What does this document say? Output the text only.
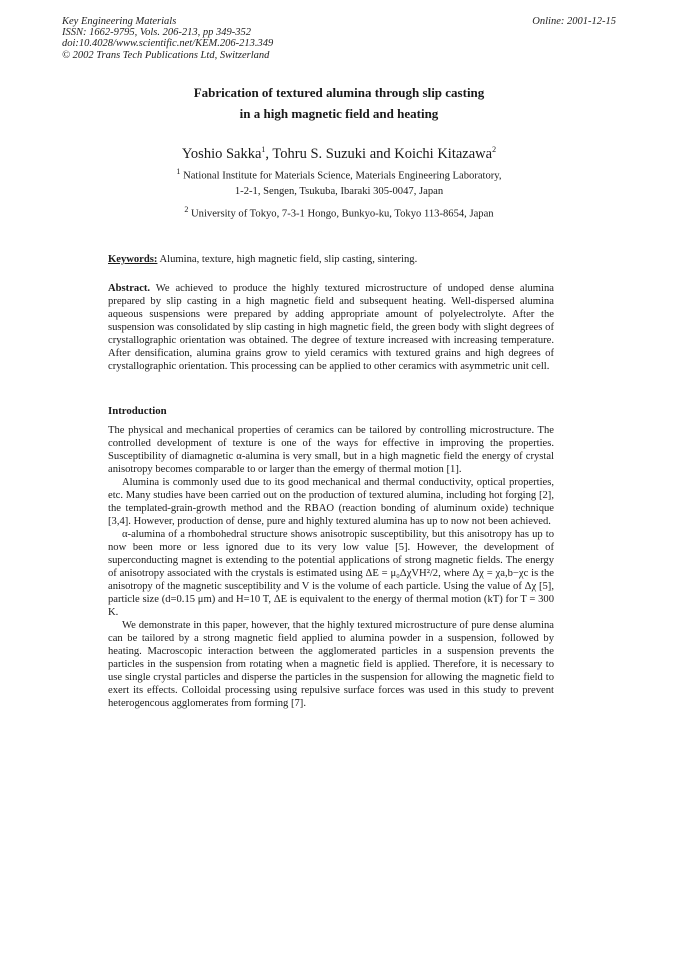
Key Engineering Materials
ISSN: 1662-9795, Vols. 206-213, pp 349-352
doi:10.4028/www.scientific.net/KEM.206-213.349
© 2002 Trans Tech Publications Ltd, Switzerland
Online: 2001-12-15
Fabrication of textured alumina through slip casting
in a high magnetic field and heating
Yoshio Sakka$^1$, Tohru S. Suzuki and Koichi Kitazawa$^2$
$^1$ National Institute for Materials Science, Materials Engineering Laboratory,
1-2-1, Sengen, Tsukuba, Ibaraki 305-0047, Japan
$^2$ University of Tokyo, 7-3-1 Hongo, Bunkyo-ku, Tokyo 113-8654, Japan
Keywords: Alumina, texture, high magnetic field, slip casting, sintering.
Abstract. We achieved to produce the highly textured microstructure of undoped dense alumina prepared by slip casting in a high magnetic field and subsequent heating. Well-dispersed alumina aqueous suspensions were prepared by adding appropriate amount of polyelectrolyte. After the suspension was consolidated by slip casting in high magnetic field, the green body with slight degrees of crystallographic orientation was obtained. The degree of texture increased with increasing temperature. After densification, alumina grains grow to yield ceramics with textured grains and high degrees of crystallographic orientation. This processing can be applied to other ceramics with asymmetric unit cell.
Introduction

The physical and mechanical properties of ceramics can be tailored by controlling microstructure. The controlled development of texture is one of the ways for effective in improving the properties. Susceptibility of diamagnetic α-alumina is very small, but in a high magnetic field the energy of crystal anisotropy becomes comparable to or larger than the emergy of thermal motion [1].

Alumina is commonly used due to its good mechanical and thermal conductivity, optical properties, etc. Many studies have been carried out on the production of textured alumina, including hot forging [2], the templated-grain-growth method and the RBAO (reaction bonding of aluminum oxide) technique [3,4]. However, production of dense, pure and highly textured alumina has up to now not been achieved.

α-alumina of a rhombohedral structure shows anisotropic susceptibility, but this anisotropy has up to now been more or less ignored due to its very low value [5]. However, the development of superconducting magnet is extending to the potential applications of strong magnetic fields. The energy of anisotropy associated with the crystals is estimated using ΔE = μ₀ΔχVH²/2, where Δχ = χa,b−χc is the anisotropy of the magnetic susceptibility and V is the volume of each particle. Using the value of Δχ [5], particle size (d=0.15 μm) and H=10 T, ΔE is equivalent to the energy of thermal motion (kT) for T = 300 K.

We demonstrate in this paper, however, that the highly textured microstructure of pure dense alumina can be tailored by a strong magnetic field applied to alumina powder in a suspension, followed by heating. Macroscopic interaction between the agglomerated particles in a suspension prevents the particles in the suspension from rotating when a magnetic field is applied. Therefore, it is necessary to use single crystal particles and disperse the particles in the suspension for allowing the magnetic field to exert its effects. Colloidal processing using repulsive surface forces was used in this study to prevent heterogencous agglomerates from forming [7].
